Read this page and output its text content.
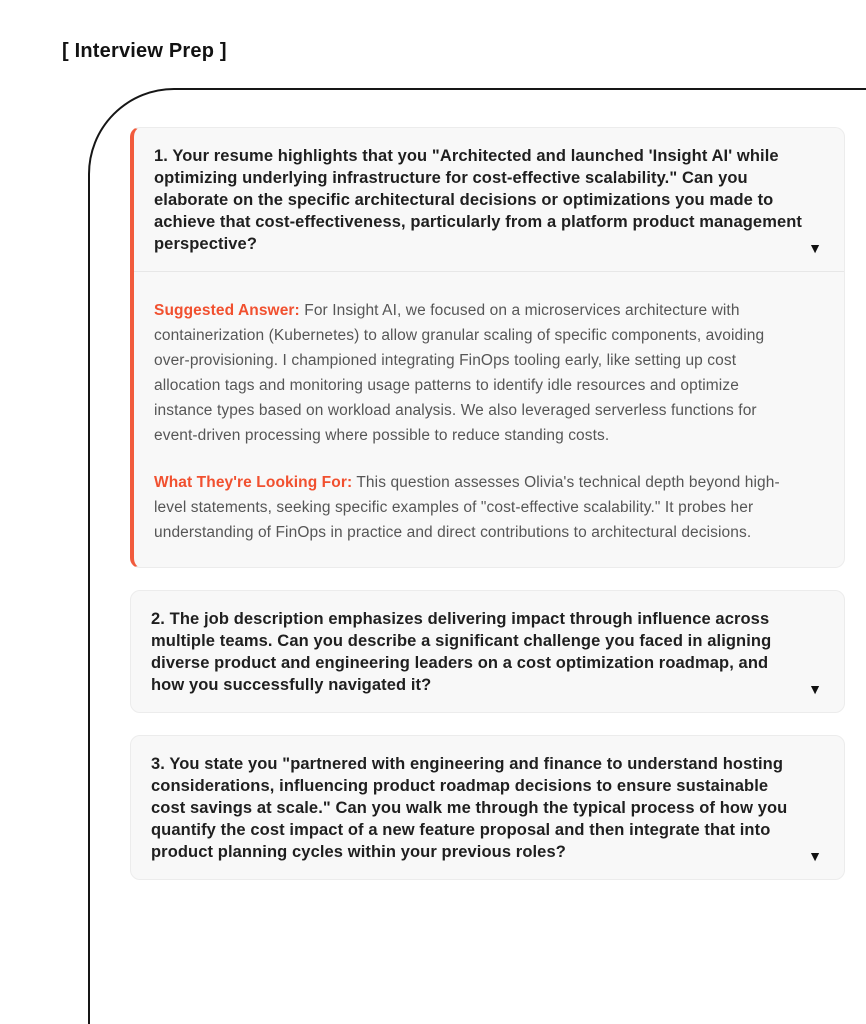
[ Interview Prep ]

1. Your resume highlights that you "Architected and launched 'Insight AI' while optimizing underlying infrastructure for cost-effective scalability." Can you elaborate on the specific architectural decisions or optimizations you made to achieve that cost-effectiveness, particularly from a platform product management perspective?	▼

Suggested Answer: For Insight AI, we focused on a microservices architecture with containerization (Kubernetes) to allow granular scaling of specific components, avoiding over-provisioning. I championed integrating FinOps tooling early, like setting up cost allocation tags and monitoring usage patterns to identify idle resources and optimize instance types based on workload analysis. We also leveraged serverless functions for event-driven processing where possible to reduce standing costs.

What They're Looking For: This question assesses Olivia's technical depth beyond high-level statements, seeking specific examples of "cost-effective scalability." It probes her understanding of FinOps in practice and direct contributions to architectural decisions.

2. The job description emphasizes delivering impact through influence across multiple teams. Can you describe a significant challenge you faced in aligning diverse product and engineering leaders on a cost optimization roadmap, and how you successfully navigated it?	▼

3. You state you "partnered with engineering and finance to understand hosting considerations, influencing product roadmap decisions to ensure sustainable cost savings at scale." Can you walk me through the typical process of how you quantify the cost impact of a new feature proposal and then integrate that into product planning cycles within your previous roles?	▼
